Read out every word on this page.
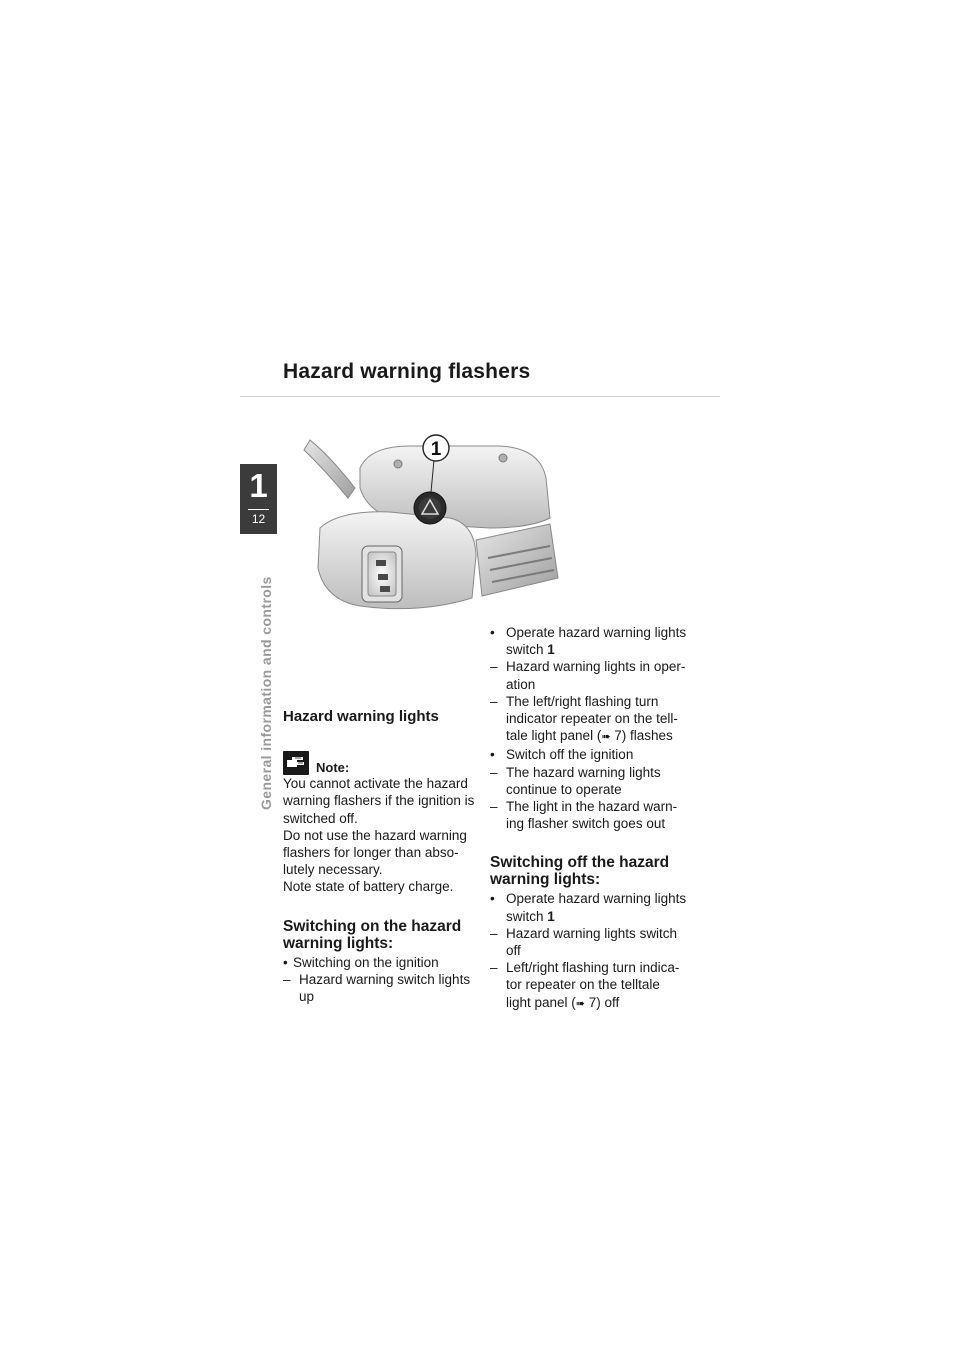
Hazard warning flashers
1
12
General information and controls
1
Hazard warning lights
Note:

You cannot activate the hazard

warning flashers if the ignition is

switched off.

Do not use the hazard warning

flashers for longer than abso-

lutely necessary.

Note state of battery charge.

Switching on the hazard
warning lights:
• Switching on the ignition
– Hazard warning switch lights
up
• Operate hazard warning lights
switch 1
– Hazard warning lights in oper-
ation
– The left/right flashing turn
indicator repeater on the tell-
tale light panel (➠ 7) flashes
• Switch off the ignition
– The hazard warning lights
continue to operate
– The light in the hazard warn-
ing flasher switch goes out
Switching off the hazard
warning lights:
• Operate hazard warning lights
switch 1
– Hazard warning lights switch
off
– Left/right flashing turn indica-
tor repeater on the telltale
light panel (➠ 7) off
